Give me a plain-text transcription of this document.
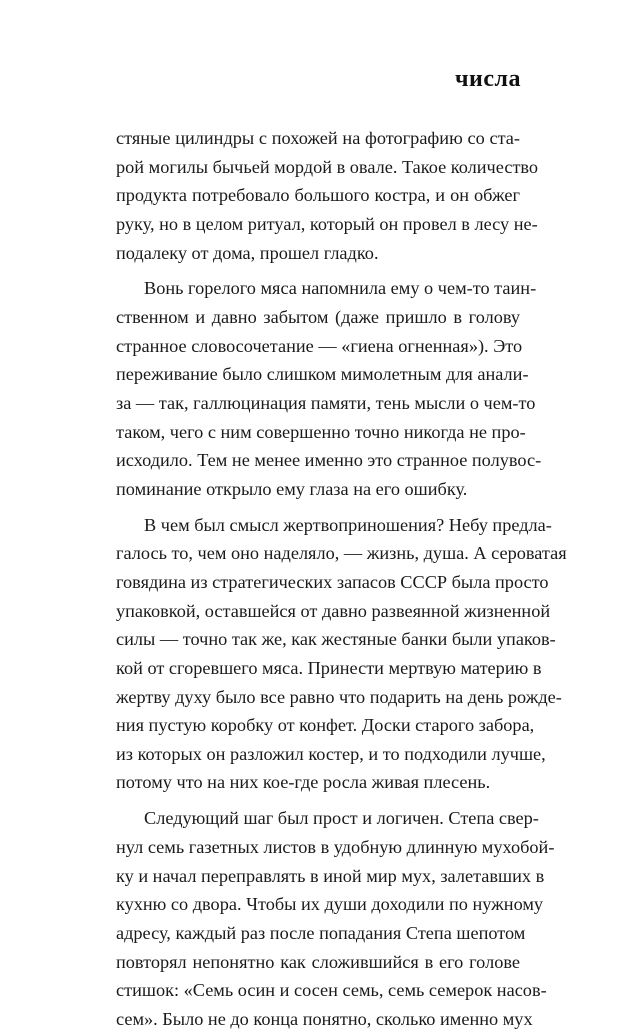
числа
стяные цилиндры с похожей на фотографию со ста-
рой могилы бычьей мордой в овале. Такое количество
продукта потребовало большого костра, и он обжег
руку, но в целом ритуал, который он провел в лесу не-
подалеку от дома, прошел гладко.
Вонь горелого мяса напомнила ему о чем-то таин-
ственном и давно забытом (даже пришло в голову
странное словосочетание — «гиена огненная»). Это
переживание было слишком мимолетным для анали-
за — так, галлюцинация памяти, тень мысли о чем-то
таком, чего с ним совершенно точно никогда не про-
исходило. Тем не менее именно это странное полувос-
поминание открыло ему глаза на его ошибку.
В чем был смысл жертвоприношения? Небу предла-
галось то, чем оно наделяло, — жизнь, душа. А сероватая
говядина из стратегических запасов СССР была просто
упаковкой, оставшейся от давно развеянной жизненной
силы — точно так же, как жестяные банки были упаков-
кой от сгоревшего мяса. Принести мертвую материю в
жертву духу было все равно что подарить на день рожде-
ния пустую коробку от конфет. Доски старого забора,
из которых он разложил костер, и то подходили лучше,
потому что на них кое-где росла живая плесень.
Следующий шаг был прост и логичен. Степа свер-
нул семь газетных листов в удобную длинную мухобой-
ку и начал переправлять в иной мир мух, залетавших в
кухню со двора. Чтобы их души доходили по нужному
адресу, каждый раз после попадания Степа шепотом
повторял непонятно как сложившийся в его голове
стишок: «Семь осин и сосен семь, семь семерок насов-
сем». Было не до конца понятно, сколько именно мух
